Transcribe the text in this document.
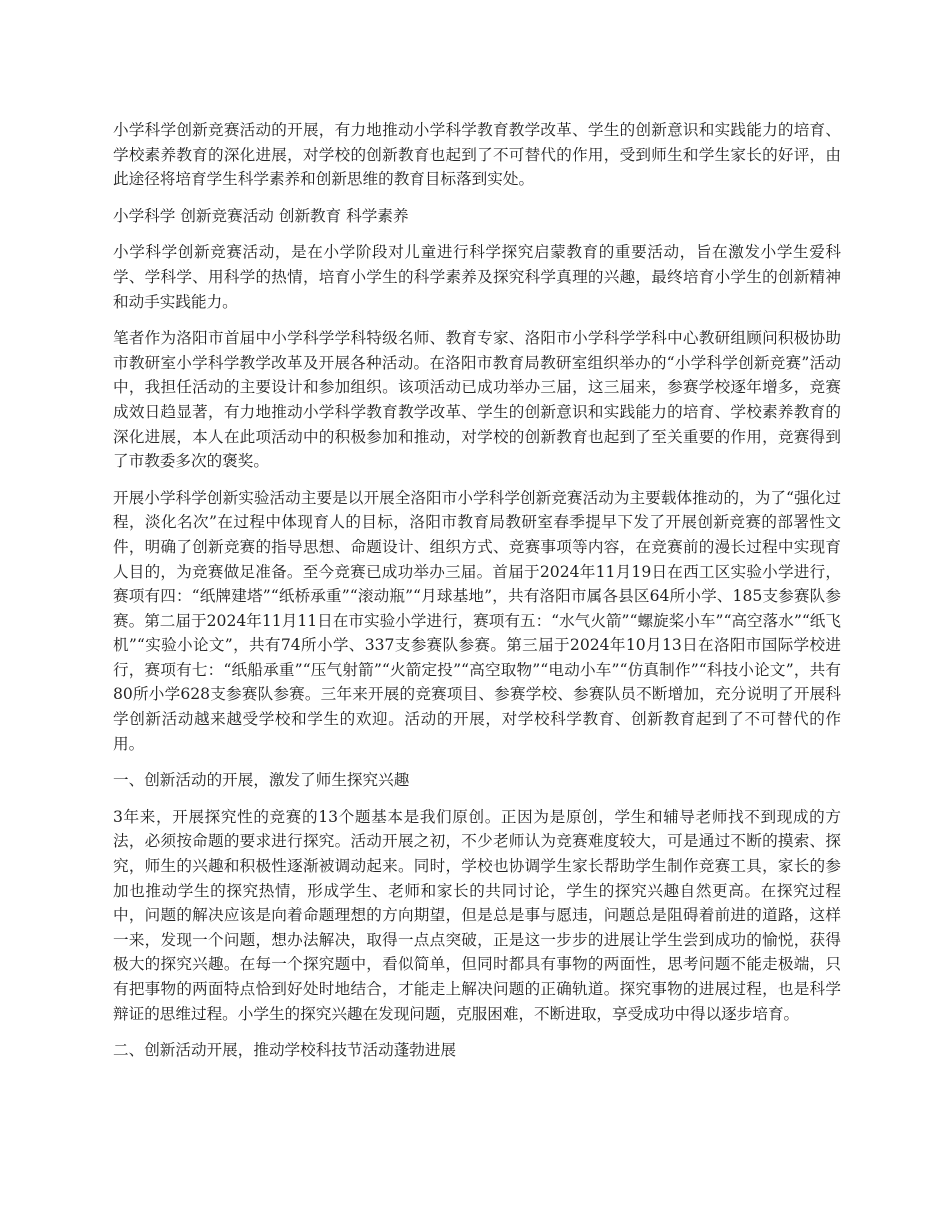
小学科学创新竞赛活动的开展，有力地推动小学科学教育教学改革、学生的创新意识和实践能力的培育、学校素养教育的深化进展，对学校的创新教育也起到了不可替代的作用，受到师生和学生家长的好评，由此途径将培育学生科学素养和创新思维的教育目标落到实处。

小学科学 创新竞赛活动 创新教育 科学素养

小学科学创新竞赛活动，是在小学阶段对儿童进行科学探究启蒙教育的重要活动，旨在激发小学生爱科学、学科学、用科学的热情，培育小学生的科学素养及探究科学真理的兴趣，最终培育小学生的创新精神和动手实践能力。

笔者作为洛阳市首届中小学科学学科特级名师、教育专家、洛阳市小学科学学科中心教研组顾问积极协助市教研室小学科学教学改革及开展各种活动。在洛阳市教育局教研室组织举办的“小学科学创新竞赛”活动中，我担任活动的主要设计和参加组织。该项活动已成功举办三届，这三届来，参赛学校逐年增多，竞赛成效日趋显著，有力地推动小学科学教育教学改革、学生的创新意识和实践能力的培育、学校素养教育的深化进展，本人在此项活动中的积极参加和推动，对学校的创新教育也起到了至关重要的作用，竞赛得到了市教委多次的褒奖。

开展小学科学创新实验活动主要是以开展全洛阳市小学科学创新竞赛活动为主要载体推动的，为了“强化过程，淡化名次”在过程中体现育人的目标，洛阳市教育局教研室春季提早下发了开展创新竞赛的部署性文件，明确了创新竞赛的指导思想、命题设计、组织方式、竞赛事项等内容，在竞赛前的漫长过程中实现育人目的，为竞赛做足准备。至今竞赛已成功举办三届。首届于2024年11月19日在西工区实验小学进行，赛项有四：“纸牌建塔”“纸桥承重”“滚动瓶”“月球基地”，共有洛阳市属各县区64所小学、185支参赛队参赛。第二届于2024年11月11日在市实验小学进行，赛项有五：“水气火箭”“螺旋桨小车”“高空落水”“纸飞机”“实验小论文”，共有74所小学、337支参赛队参赛。第三届于2024年10月13日在洛阳市国际学校进行，赛项有七：“纸船承重”“压气射箭”“火箭定投”“高空取物”“电动小车”“仿真制作”“科技小论文”，共有80所小学628支参赛队参赛。三年来开展的竞赛项目、参赛学校、参赛队员不断增加，充分说明了开展科学创新活动越来越受学校和学生的欢迎。活动的开展，对学校科学教育、创新教育起到了不可替代的作用。

一、创新活动的开展，激发了师生探究兴趣

3年来，开展探究性的竞赛的13个题基本是我们原创。正因为是原创，学生和辅导老师找不到现成的方法，必须按命题的要求进行探究。活动开展之初，不少老师认为竞赛难度较大，可是通过不断的摸索、探究，师生的兴趣和积极性逐渐被调动起来。同时，学校也协调学生家长帮助学生制作竞赛工具，家长的参加也推动学生的探究热情，形成学生、老师和家长的共同讨论，学生的探究兴趣自然更高。在探究过程中，问题的解决应该是向着命题理想的方向期望，但是总是事与愿违，问题总是阻碍着前进的道路，这样一来，发现一个问题，想办法解决，取得一点点突破，正是这一步步的进展让学生尝到成功的愉悦，获得极大的探究兴趣。在每一个探究题中，看似简单，但同时都具有事物的两面性，思考问题不能走极端，只有把事物的两面特点恰到好处时地结合，才能走上解决问题的正确轨道。探究事物的进展过程，也是科学辩证的思维过程。小学生的探究兴趣在发现问题，克服困难，不断进取，享受成功中得以逐步培育。

二、创新活动开展，推动学校科技节活动蓬勃进展
